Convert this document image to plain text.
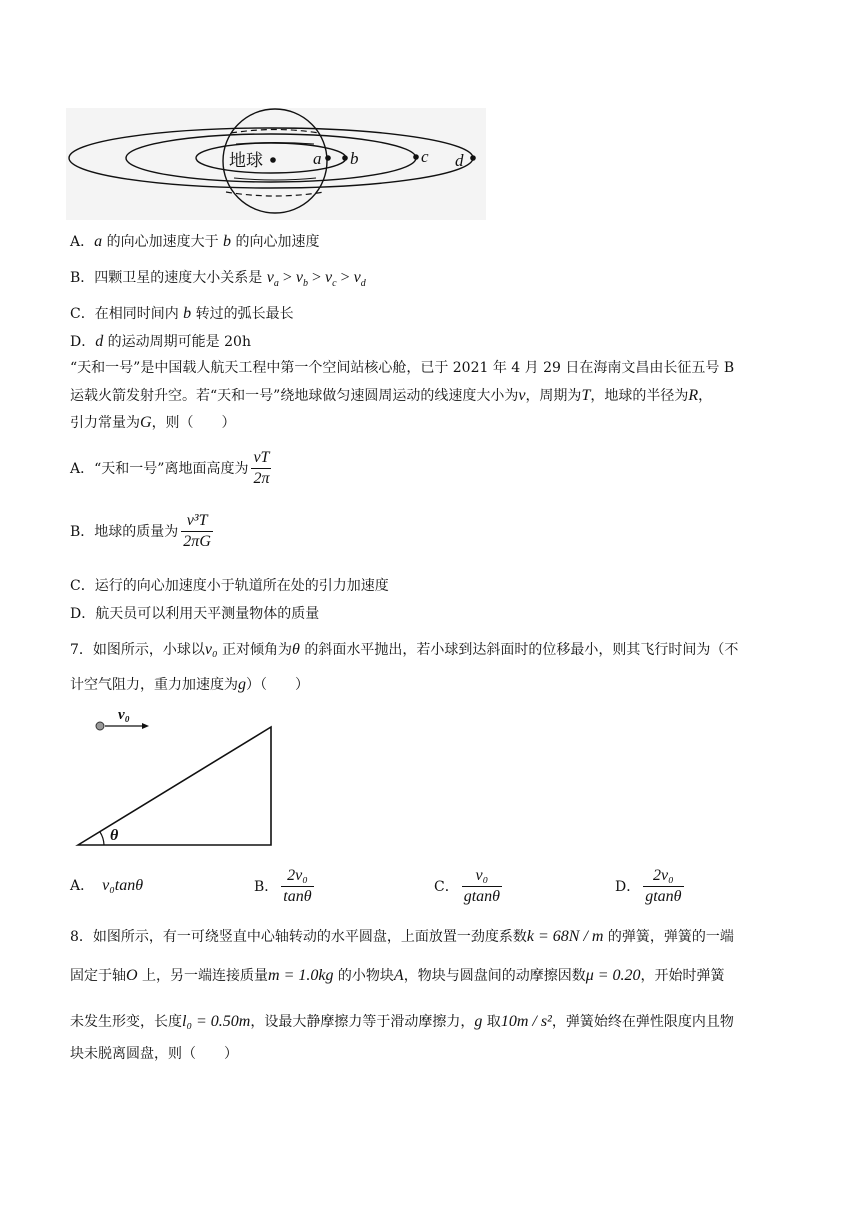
地球	a b	c d
A．a 的向心加速度大于 b 的向心加速度
B．四颗卫星的速度大小关系是 $v_a > v_b > v_c > v_d$
C．在相同时间内 b 转过的弧长最长
D．d 的运动周期可能是 20h
“天和一号”是中国载人航天工程中第一个空间站核心舱，已于 2021 年 4 月 29 日在海南文昌由长征五号 B
运载火箭发射升空。若“天和一号”绕地球做匀速圆周运动的线速度大小为v，周期为T，地球的半径为R，
引力常量为G，则（　　）
A． “天和一号”离地面高度为 $\frac{vT}{2\pi}$
B． 地球的质量为 $\frac{\text{v³T}}{2\pi G}$
C．运行的向心加速度小于轨道所在处的引力加速度
D．航天员可以利用天平测量物体的质量
7．如图所示，小球以v₀ 正对倾角为θ 的斜面水平抛出，若小球到达斜面时的位移最小，则其飞行时间为（不
计空气阻力，重力加速度为g）（　　）
θ
v₀
A． v₀tanθ	B． $\frac{\text{2v₀}}{\tan\theta}$	C． $\frac{\text{v₀}}{gtan\theta}$	D． $\frac{\text{2v₀}}{gtan\theta}$
8．如图所示，有一可绕竖直中心轴转动的水平圆盘，上面放置一劲度系数k = 68N / m 的弹簧，弹簧的一端
固定于轴O 上，另一端连接质量m = 1.0kg 的小物块A，物块与圆盘间的动摩擦因数μ = 0.20，开始时弹簧
未发生形变，长度l₀ = 0.50m，设最大静摩擦力等于滑动摩擦力，g 取10m / s²，弹簧始终在弹性限度内且物
块未脱离圆盘，则（　　）
